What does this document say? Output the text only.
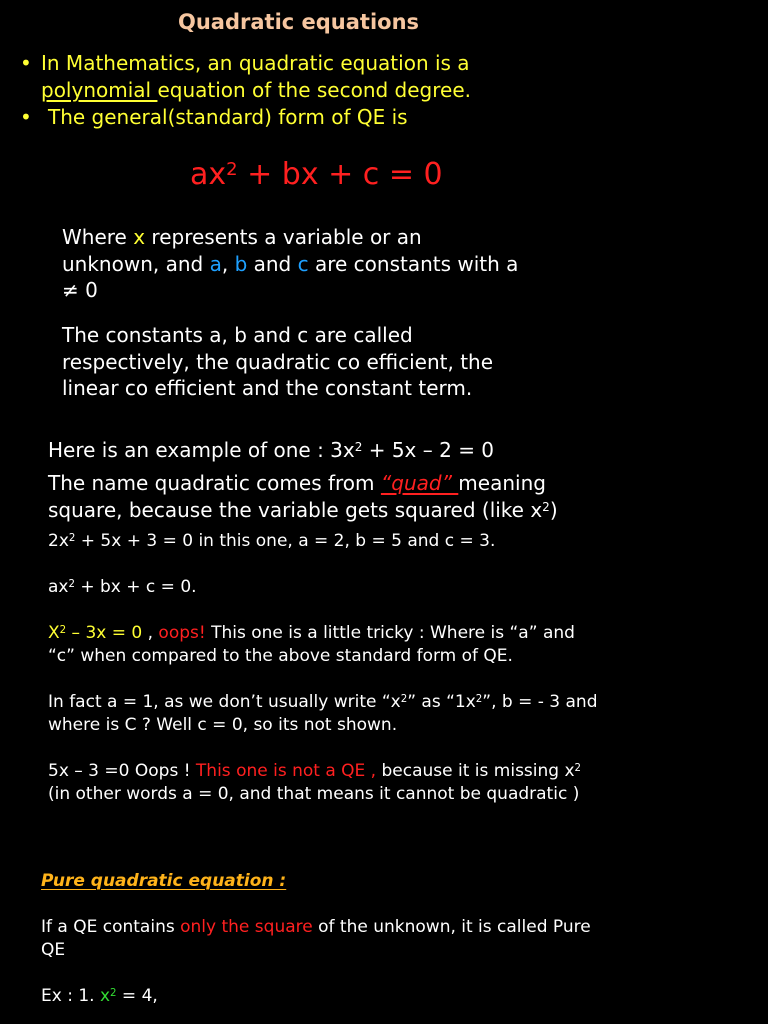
Quadratic equations
• In Mathematics, an quadratic equation is a
polynomial equation of the second degree.
• The general(standard) form of QE is
$ax^2$ + bx + c = 0
Where x represents a variable or an
unknown, and a, b and c are constants with a
≠ 0
The constants a, b and c are called
respectively, the quadratic co efficient, the
linear co efficient and the constant term.
Here is an example of one : $3x^2 + 5x - 2 = 0$
The name quadratic comes from “quad” meaning
square, because the variable gets squared (like $x^2$)
$2x^2 + 5x + 3 = 0$ in this one, a = 2, b = 5 and c = 3.
$ax^2$ + bx + c = 0.
$X^2 - 3x = 0$ , oops! This one is a little tricky : Where is “a” and
“c” when compared to the above standard form of QE.
In fact a = 1, as we don’t usually write “$x^2$” as “$1x^2$”, b = - 3 and
where is C ? Well c = 0, so its not shown.
5x – 3 =0 Oops ! This one is not a QE , because it is missing $x^2$
(in other words a = 0, and that means it cannot be quadratic )
Pure quadratic equation :
If a QE contains only the square of the unknown, it is called Pure
QE
Ex : 1. $x^2 = 4$,
